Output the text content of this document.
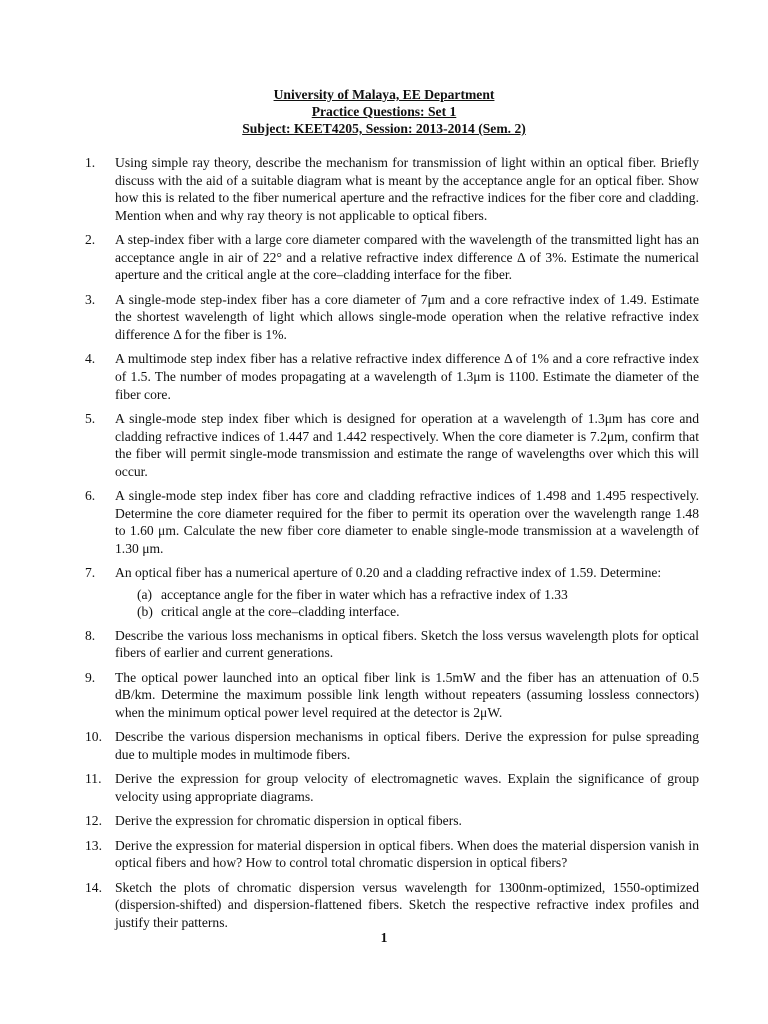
University of Malaya, EE Department
Practice Questions: Set 1
Subject: KEET4205, Session: 2013-2014 (Sem. 2)
1.	Using simple ray theory, describe the mechanism for transmission of light within an optical fiber. Briefly discuss with the aid of a suitable diagram what is meant by the acceptance angle for an optical fiber. Show how this is related to the fiber numerical aperture and the refractive indices for the fiber core and cladding. Mention when and why ray theory is not applicable to optical fibers.
2.	A step-index fiber with a large core diameter compared with the wavelength of the transmitted light has an acceptance angle in air of 22° and a relative refractive index difference Δ of 3%. Estimate the numerical aperture and the critical angle at the core–cladding interface for the fiber.
3.	A single-mode step-index fiber has a core diameter of 7μm and a core refractive index of 1.49. Estimate the shortest wavelength of light which allows single-mode operation when the relative refractive index difference Δ for the fiber is 1%.
4.	A multimode step index fiber has a relative refractive index difference Δ of 1% and a core refractive index of 1.5. The number of modes propagating at a wavelength of 1.3μm is 1100. Estimate the diameter of the fiber core.
5.	A single-mode step index fiber which is designed for operation at a wavelength of 1.3μm has core and cladding refractive indices of 1.447 and 1.442 respectively. When the core diameter is 7.2μm, confirm that the fiber will permit single-mode transmission and estimate the range of wavelengths over which this will occur.
6.	A single-mode step index fiber has core and cladding refractive indices of 1.498 and 1.495 respectively. Determine the core diameter required for the fiber to permit its operation over the wavelength range 1.48 to 1.60 μm. Calculate the new fiber core diameter to enable single-mode transmission at a wavelength of 1.30 μm.
7.	An optical fiber has a numerical aperture of 0.20 and a cladding refractive index of 1.59. Determine:
(a) acceptance angle for the fiber in water which has a refractive index of 1.33
(b) critical angle at the core–cladding interface.
8.	Describe the various loss mechanisms in optical fibers. Sketch the loss versus wavelength plots for optical fibers of earlier and current generations.
9.	The optical power launched into an optical fiber link is 1.5mW and the fiber has an attenuation of 0.5 dB/km. Determine the maximum possible link length without repeaters (assuming lossless connectors) when the minimum optical power level required at the detector is 2μW.
10. Describe the various dispersion mechanisms in optical fibers. Derive the expression for pulse spreading due to multiple modes in multimode fibers.
11. Derive the expression for group velocity of electromagnetic waves. Explain the significance of group velocity using appropriate diagrams.
12. Derive the expression for chromatic dispersion in optical fibers.
13. Derive the expression for material dispersion in optical fibers. When does the material dispersion vanish in optical fibers and how? How to control total chromatic dispersion in optical fibers?
14. Sketch the plots of chromatic dispersion versus wavelength for 1300nm-optimized, 1550-optimized (dispersion-shifted) and dispersion-flattened fibers. Sketch the respective refractive index profiles and justify their patterns.
1
